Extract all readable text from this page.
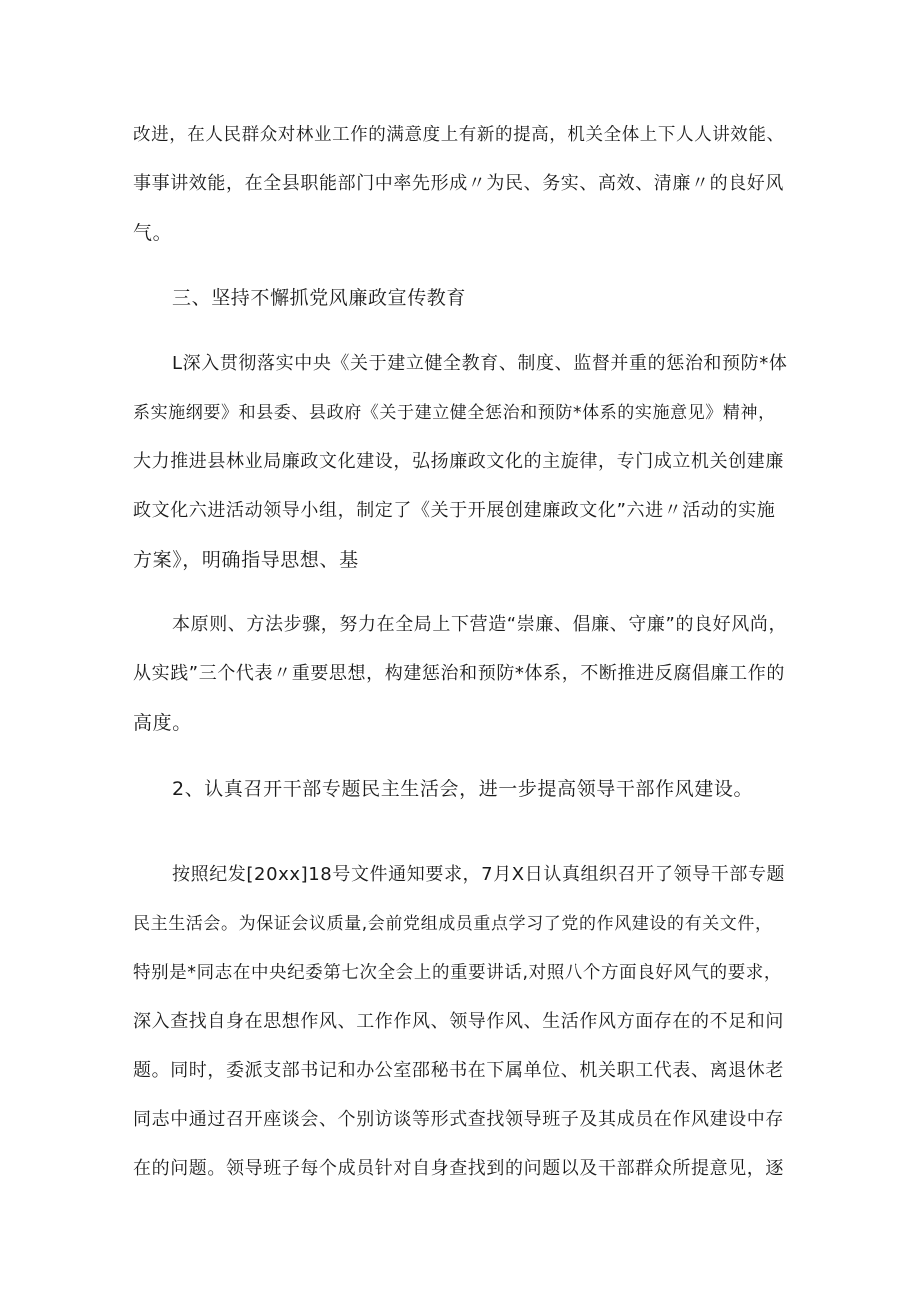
改进，在人民群众对林业工作的满意度上有新的提高，机关全体上下人人讲效能、
事事讲效能，在全县职能部门中率先形成〃为民、务实、高效、清廉〃的良好风
气。
三、坚持不懈抓党风廉政宣传教育
L深入贯彻落实中央《关于建立健全教育、制度、监督并重的惩治和预防*体
系实施纲要》和县委、县政府《关于建立健全惩治和预防*体系的实施意见》精神，
大力推进县林业局廉政文化建设，弘扬廉政文化的主旋律，专门成立机关创建廉
政文化六进活动领导小组，制定了《关于开展创建廉政文化”六进〃活动的实施
方案》，明确指导思想、基
本原则、方法步骤，努力在全局上下营造“崇廉、倡廉、守廉”的良好风尚，
从实践”三个代表〃重要思想，构建惩治和预防*体系，不断推进反腐倡廉工作的
高度。
2、认真召开干部专题民主生活会，进一步提高领导干部作风建设。
按照纪发[20xx]18号文件通知要求，7月X日认真组织召开了领导干部专题
民主生活会。为保证会议质量,会前党组成员重点学习了党的作风建设的有关文件，
特别是*同志在中央纪委第七次全会上的重要讲话,对照八个方面良好风气的要求，
深入查找自身在思想作风、工作作风、领导作风、生活作风方面存在的不足和问
题。同时，委派支部书记和办公室邵秘书在下属单位、机关职工代表、离退休老
同志中通过召开座谈会、个别访谈等形式查找领导班子及其成员在作风建设中存
在的问题。领导班子每个成员针对自身查找到的问题以及干部群众所提意见，逐
